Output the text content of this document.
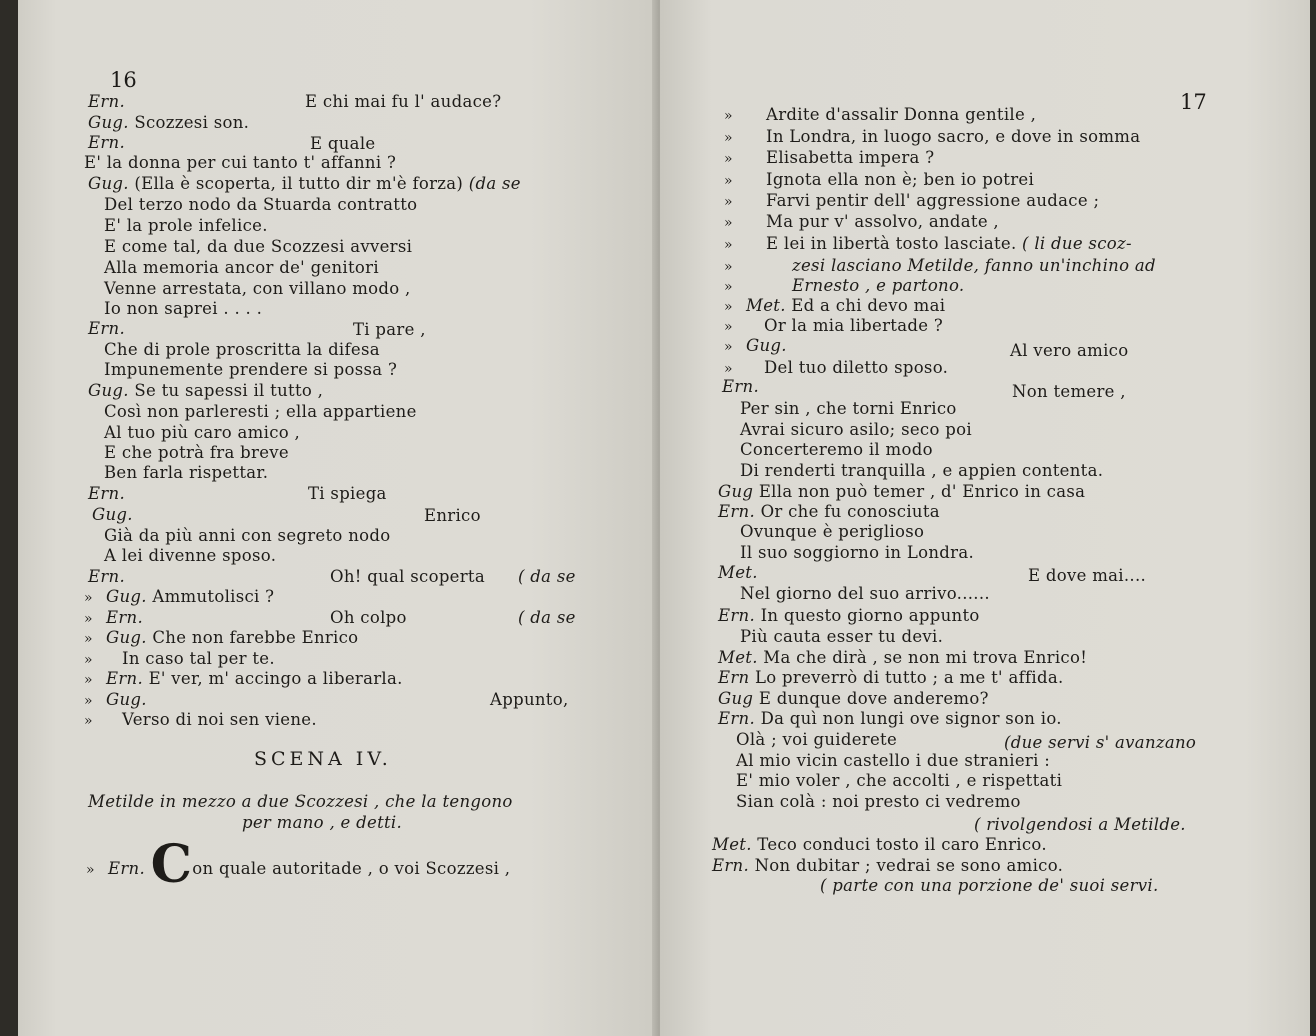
16
Ern.	E chi mai fu l' audace?
Gug. Scozzesi son.
Ern.	E quale
E' la donna per cui tanto t' affanni ?
Gug. (Ella è scoperta, il tutto dir m'è forza) (da se
Del terzo nodo da Stuarda contratto
E' la prole infelice.
E come tal, da due Scozzesi avversi
Alla memoria ancor de' genitori
Venne arrestata, con villano modo ,
Io non saprei . . . .
Ern.	Ti pare ,
Che di prole proscritta la difesa
Impunemente prendere si possa ?
Gug. Se tu sapessi il tutto ,
Così non parleresti ; ella appartiene
Al tuo più caro amico ,
E che potrà fra breve
Ben farla rispettar.
Ern.	Ti spiega
Gug.	Enrico
Già da più anni con segreto nodo
A lei divenne sposo.
Ern.	Oh! qual scoperta ( da se
» Gug. Ammutolisci ?
» Ern.	Oh colpo	( da se
» Gug. Che non farebbe Enrico
» In caso tal per te.
» Ern. E' ver, m' accingo a liberarla.
» Gug.	Appunto,
» Verso di noi sen viene.
SCENA IV.
Metilde in mezzo a due Scozzesi , che la tengono
per mano , e detti.
» Ern. Con quale autoritade , o voi Scozzesi ,
17
» Ardite d'assalir Donna gentile ,
» In Londra, in luogo sacro, e dove in somma
» Elisabetta impera ?
» Ignota ella non è; ben io potrei
» Farvi pentir dell' aggressione audace ;
» Ma pur v' assolvo, andate ,
» E lei in libertà tosto lasciate. ( li due scoz-
»	zesi lasciano Metilde, fanno un'inchino ad
»	Ernesto , e partono.
» Met. Ed a chi devo mai
» Or la mia libertade ?
» Gug.	Al vero amico
» Del tuo diletto sposo.
Ern.	Non temere ,
Per sin , che torni Enrico
Avrai sicuro asilo; seco poi
Concerteremo il modo
Di renderti tranquilla , e appien contenta.
Gug Ella non può temer , d' Enrico in casa
Ern. Or che fu conosciuta
Ovunque è periglioso
Il suo soggiorno in Londra.
Met.	E dove mai....
Nel giorno del suo arrivo......
Ern. In questo giorno appunto
Più cauta esser tu devi.
Met. Ma che dirà , se non mi trova Enrico!
Ern Lo preverrò di tutto ; a me t' affida.
Gug E dunque dove anderemo?
Ern. Da quì non lungi ove signor son io.
Olà ; voi guiderete	(due servi s' avanzano
Al mio vicin castello i due stranieri :
E' mio voler , che accolti , e rispettati
Sian colà : noi presto ci vedremo
( rivolgendosi a Metilde.
Met. Teco conduci tosto il caro Enrico.
Ern. Non dubitar ; vedrai se sono amico.
( parte con una porzione de' suoi servi.
